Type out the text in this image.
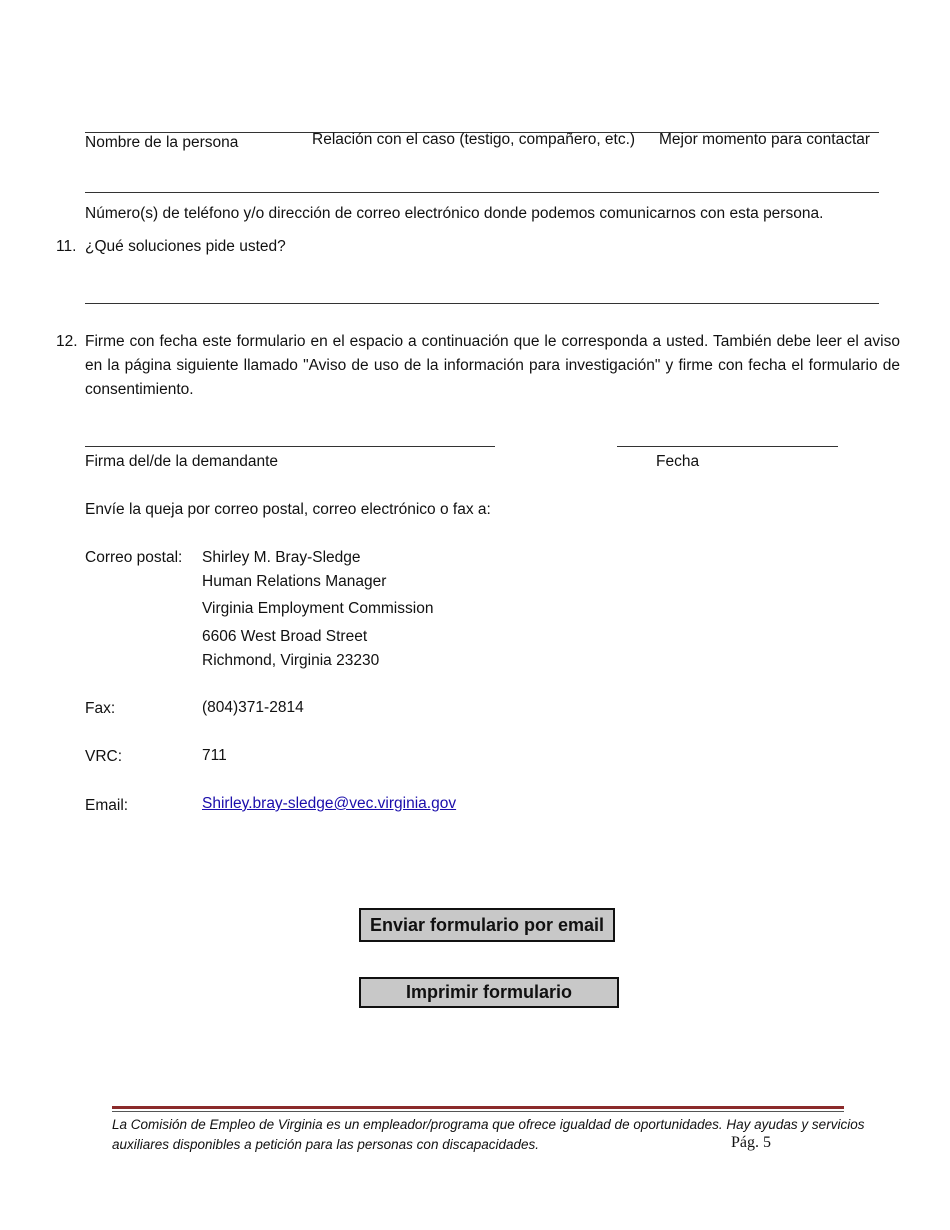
Nombre de la persona	Relación con el caso (testigo, compañero, etc.) Mejor momento para contactar
Número(s) de teléfono y/o dirección de correo electrónico donde podemos comunicarnos con esta persona.
11. ¿Qué soluciones pide usted?
12. Firme con fecha este formulario en el espacio a continuación que le corresponda a usted. También debe leer el aviso en la página siguiente llamado "Aviso de uso de la información para investigación" y firme con fecha el formulario de consentimiento.
Firma del/de la demandante	Fecha
Envíe la queja por correo postal, correo electrónico o fax a:
Correo postal: Shirley M. Bray-Sledge
Human Relations Manager
Virginia Employment Commission
6606 West Broad Street
Richmond, Virginia 23230
Fax:	(804)371-2814
VRC:	711
Email:	Shirley.bray-sledge@vec.virginia.gov
Enviar formulario por email
Imprimir formulario
La Comisión de Empleo de Virginia es un empleador/programa que ofrece igualdad de oportunidades. Hay ayudas y servicios
auxiliares disponibles a petición para las personas con discapacidades.	Pág. 5
